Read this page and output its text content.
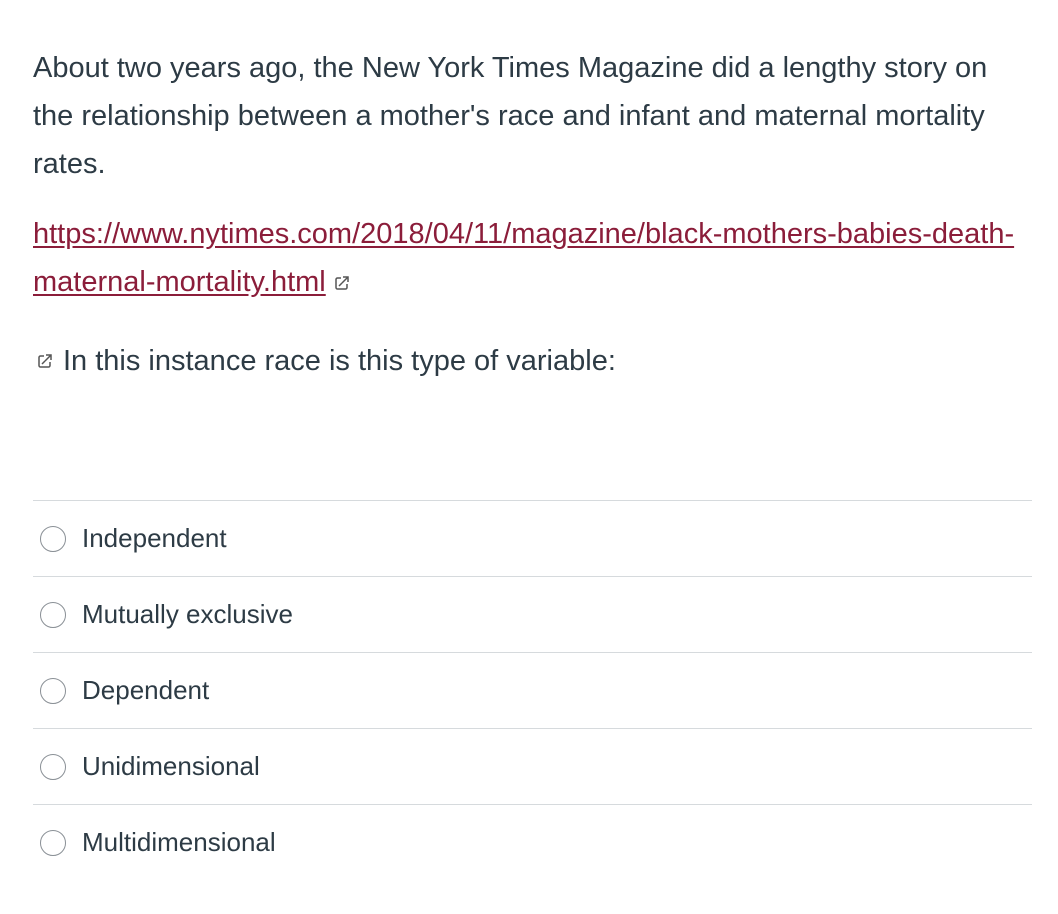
About two years ago, the New York Times Magazine did a lengthy story on the relationship between a mother's race and infant and maternal mortality rates.

https://www.nytimes.com/2018/04/11/magazine/black-mothers-babies-death-maternal-mortality.html
In this instance race is this type of variable:
Independent
Mutually exclusive
Dependent
Unidimensional
Multidimensional
